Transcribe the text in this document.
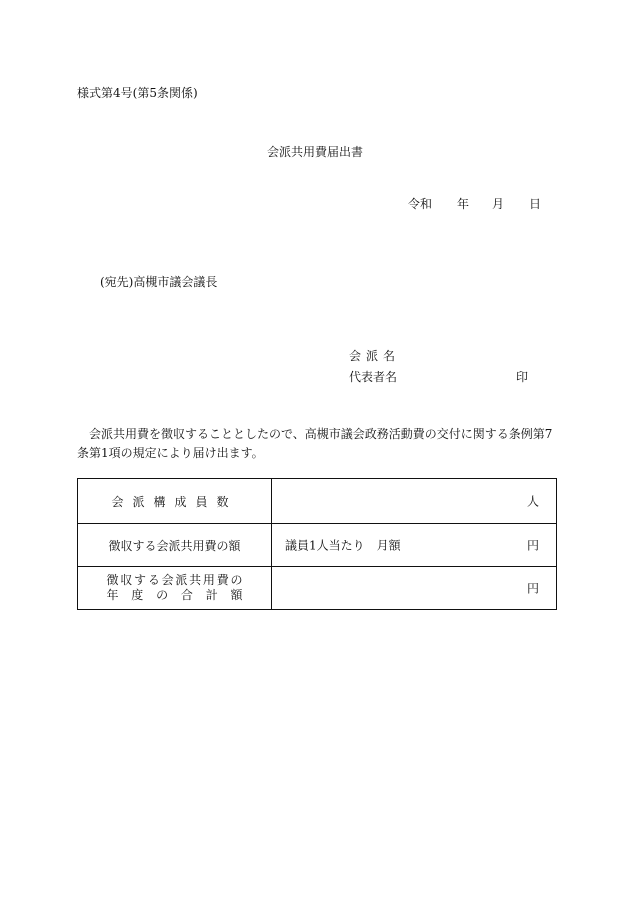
様式第4号(第5条関係)
会派共用費届出書
令和 年 月 日
(宛先)高槻市議会議長
会派名
代表者名	印
会派共用費を徴収することとしたので、高槻市議会政務活動費の交付に関する条例第7条第1項の規定により届け出ます。
会派構成員数	人

徴収する会派共用費の額	議員1人当たり 月額 円

徴収する会派共用費の
年度の合計額	円
